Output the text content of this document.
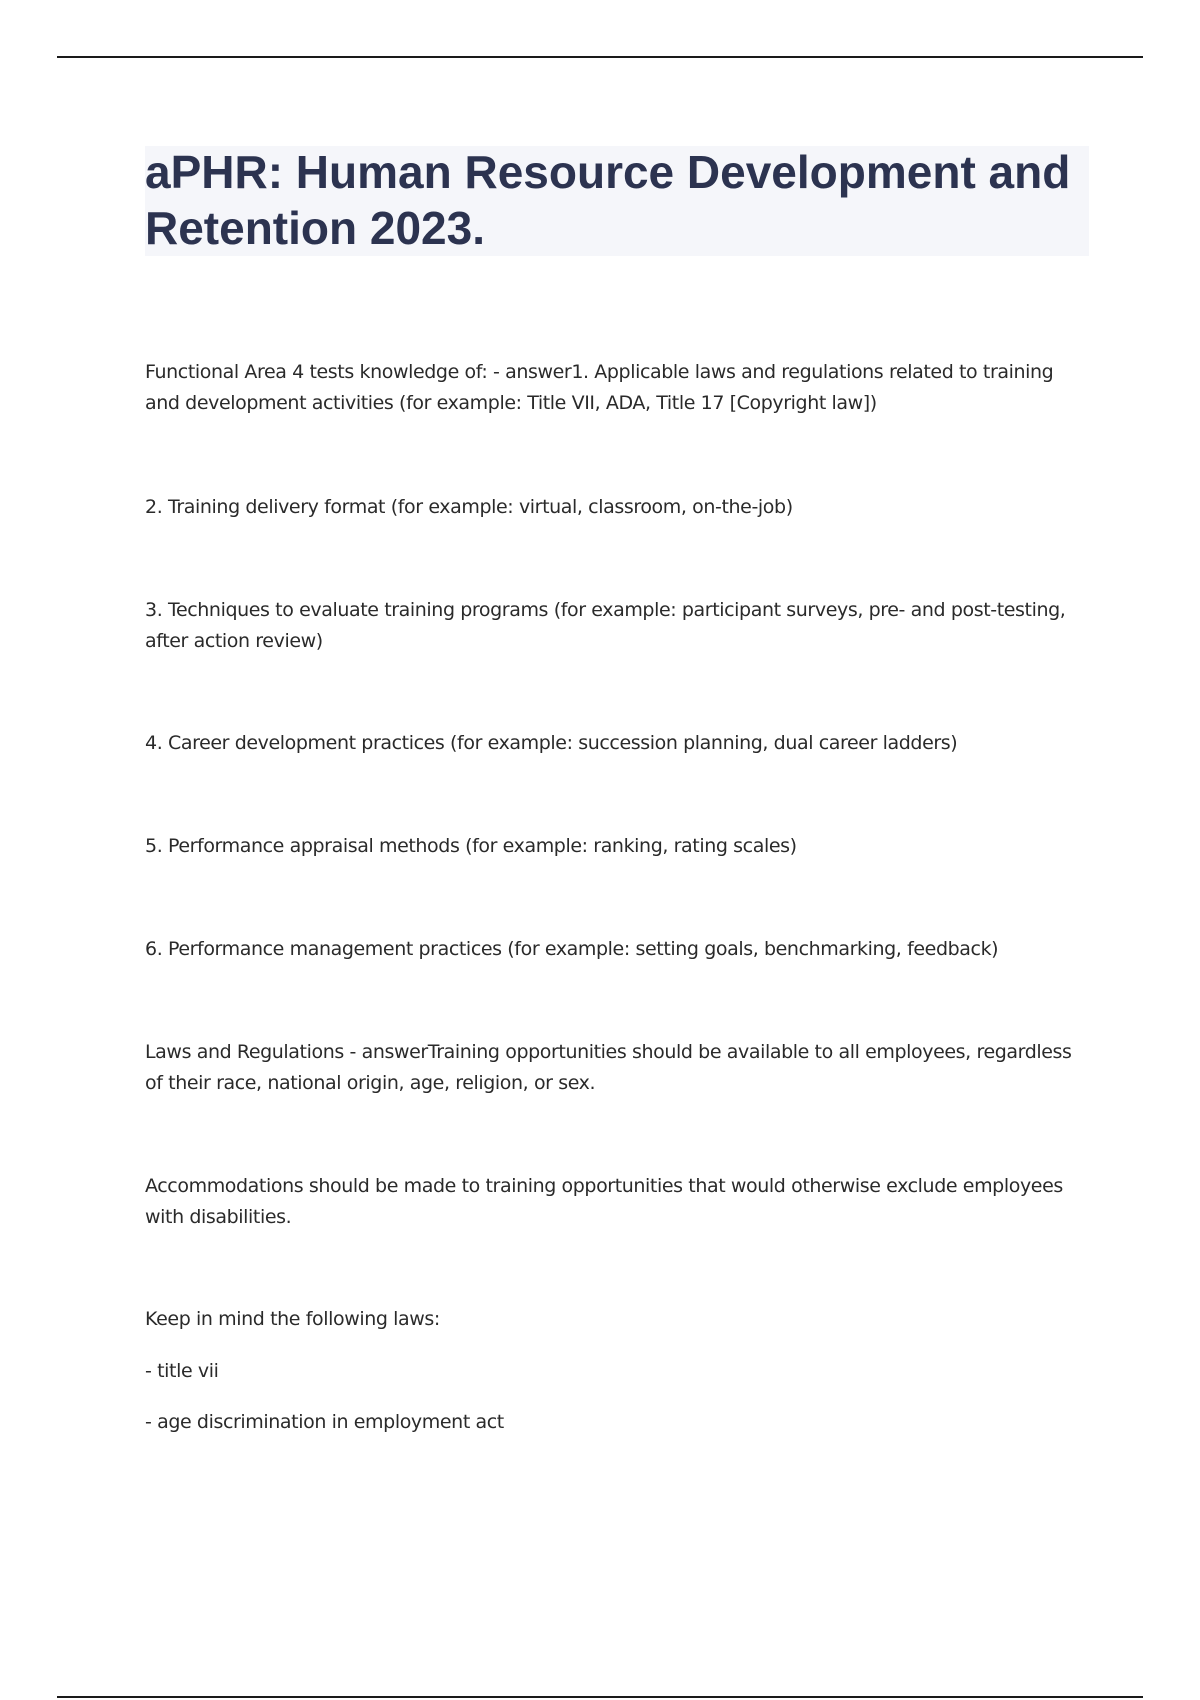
aPHR: Human Resource Development and Retention 2023.

Functional Area 4 tests knowledge of: - answer1. Applicable laws and regulations related to training and development activities (for example: Title VII, ADA, Title 17 [Copyright law])

2. Training delivery format (for example: virtual, classroom, on-the-job)

3. Techniques to evaluate training programs (for example: participant surveys, pre- and post-testing, after action review)

4. Career development practices (for example: succession planning, dual career ladders)

5. Performance appraisal methods (for example: ranking, rating scales)

6. Performance management practices (for example: setting goals, benchmarking, feedback)

Laws and Regulations - answerTraining opportunities should be available to all employees, regardless of their race, national origin, age, religion, or sex.

Accommodations should be made to training opportunities that would otherwise exclude employees with disabilities.

Keep in mind the following laws:

- title vii

- age discrimination in employment act
